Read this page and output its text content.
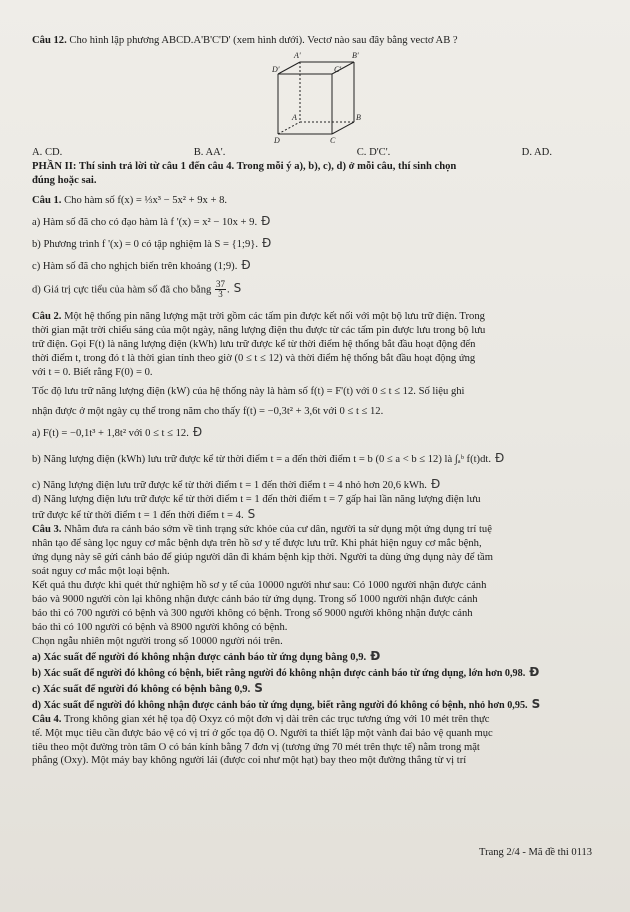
Câu 12. Cho hình lập phương ABCD.A'B'C'D' (xem hình dưới). Vectơ nào sau đây bằng vectơ AB ?

A'	B'
D'	C'
A	B
D	C
A. CD.	B. AA'.	C. D'C'.	D. AD.

PHẦN II: Thí sinh trả lời từ câu 1 đến câu 4. Trong mỗi ý a), b), c), d) ở mỗi câu, thí sinh chọn
đúng hoặc sai.

Câu 1. Cho hàm số f(x) = ⅓x³ − 5x² + 9x + 8.

a) Hàm số đã cho có đạo hàm là f '(x) = x² − 10x + 9. Đ

b) Phương trình f '(x) = 0 có tập nghiệm là S = {1;9}. Đ

c) Hàm số đã cho nghịch biến trên khoảng (1;9). Đ

d) Giá trị cực tiểu của hàm số đã cho bằng $\frac{37}{3}$ . S

Câu 2. Một hệ thống pin năng lượng mặt trời gồm các tấm pin được kết nối với một bộ lưu trữ điện. Trong

thời gian mặt trời chiếu sáng của một ngày, năng lượng điện thu được từ các tấm pin được lưu trong bộ lưu

trữ điện. Gọi F(t) là năng lượng điện (kWh) lưu trữ được kể từ thời điểm hệ thống bắt đầu hoạt động đến

thời điểm t, trong đó t là thời gian tính theo giờ (0 ≤ t ≤ 12) và thời điểm hệ thống bắt đầu hoạt động ứng

với t = 0. Biết rằng F(0) = 0.

Tốc độ lưu trữ năng lượng điện (kW) của hệ thống này là hàm số f(t) = F'(t) với 0 ≤ t ≤ 12. Số liệu ghi

nhận được ở một ngày cụ thể trong năm cho thấy f(t) = −0,3t² + 3,6t với 0 ≤ t ≤ 12.

a) F(t) = −0,1t³ + 1,8t² với 0 ≤ t ≤ 12. Đ

b) Năng lượng điện (kWh) lưu trữ được kể từ thời điểm t = a đến thời điểm t = b (0 ≤ a < b ≤ 12) là ∫ₐᵇ f(t)dt. Đ

c) Năng lượng điện lưu trữ được kể từ thời điểm t = 1 đến thời điểm t = 4 nhỏ hơn 20,6 kWh. Đ

d) Năng lượng điện lưu trữ được kể từ thời điểm t = 1 đến thời điểm t = 7 gấp hai lần năng lượng điện lưu

trữ được kể từ thời điểm t = 1 đến thời điểm t = 4. S

Câu 3. Nhằm đưa ra cảnh báo sớm về tình trạng sức khỏe của cư dân, người ta sử dụng một ứng dụng trí tuệ

nhân tạo để sàng lọc nguy cơ mắc bệnh dựa trên hồ sơ y tế được lưu trữ. Khi phát hiện nguy cơ mắc bệnh,

ứng dụng này sẽ gửi cảnh báo để giúp người dân đi khám bệnh kịp thời. Người ta dùng ứng dụng này để tầm

soát nguy cơ mắc một loại bệnh.

Kết quả thu được khi quét thử nghiệm hồ sơ y tế của 10000 người như sau: Có 1000 người nhận được cảnh

báo và 9000 người còn lại không nhận được cảnh báo từ ứng dụng. Trong số 1000 người nhận được cảnh

báo thì có 700 người có bệnh và 300 người không có bệnh. Trong số 9000 người không nhận được cảnh

báo thì có 100 người có bệnh và 8900 người không có bệnh.

Chọn ngẫu nhiên một người trong số 10000 người nói trên.

a) Xác suất để người đó không nhận được cảnh báo từ ứng dụng bằng 0,9. Đ

b) Xác suất để người đó không có bệnh, biết rằng người đó không nhận được cảnh báo từ ứng dụng, lớn hơn 0,98. Đ

c) Xác suất để người đó không có bệnh bằng 0,9. S

d) Xác suất để người đó không nhận được cảnh báo từ ứng dụng, biết rằng người đó không có bệnh, nhỏ hơn 0,95. S

Câu 4. Trong không gian xét hệ tọa độ Oxyz có một đơn vị dài trên các trục tương ứng với 10 mét trên thực

tế. Một mục tiêu cần được bảo vệ có vị trí ở gốc tọa độ O. Người ta thiết lập một vành đai bảo vệ quanh mục

tiêu theo một đường tròn tâm O có bán kính bằng 7 đơn vị (tương ứng 70 mét trên thực tế) nằm trong mặt

phẳng (Oxy). Một máy bay không người lái (được coi như một hạt) bay theo một đường thẳng từ vị trí

Trang 2/4 - Mã đề thi 0113
